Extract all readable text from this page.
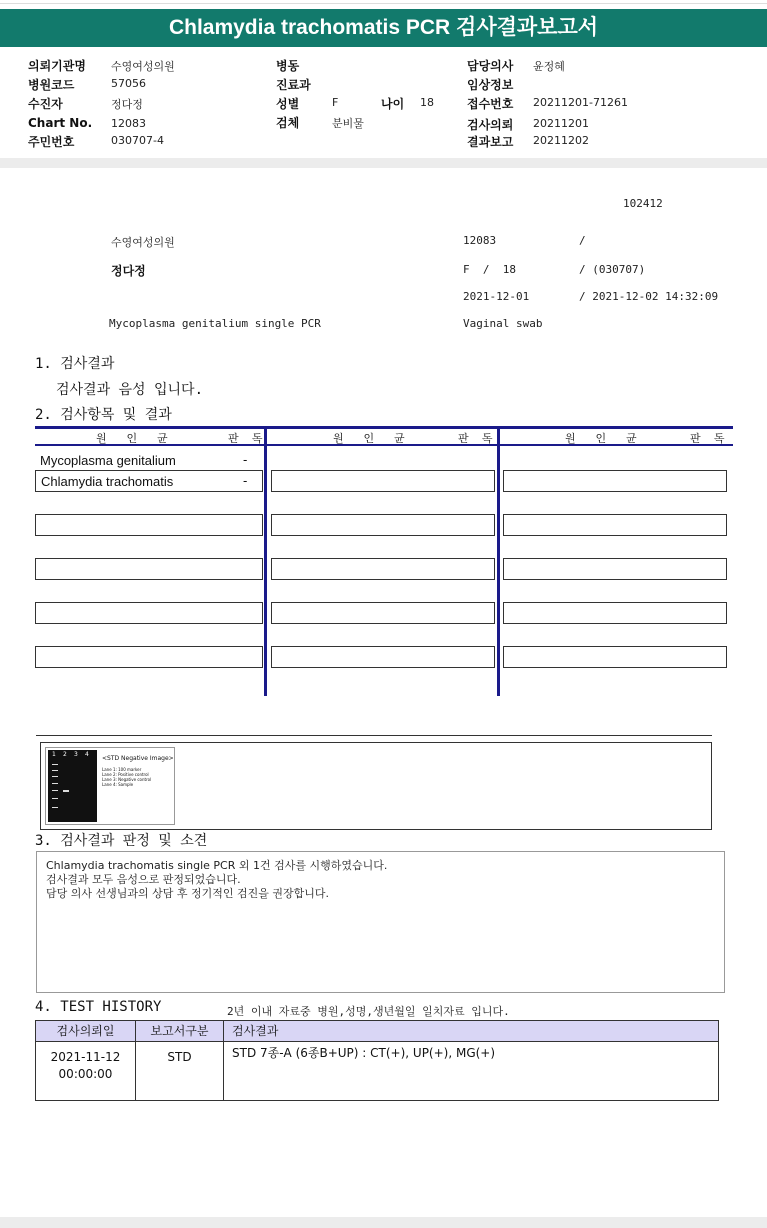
Chlamydia trachomatis PCR 검사결과보고서
의뢰기관명 수영여성의원
병원코드	57056
수진자	정다정
Chart No. 12083
주민번호	030707-4
병동
진료과
성별	F	나이 18
검체	분비물
담당의사 윤정혜
임상정보
접수번호 20211201-71261
검사의뢰 20211201
결과보고 20211202
102412
수영여성의원	12083	/
정다정	F  /  18	/ (030707)
2021-12-01	/ 2021-12-02 14:32:09
Mycoplasma genitalium single PCR	Vaginal swab
1. 검사결과
검사결과 음성 입니다.
2. 검사항목 및 결과
원   인   균	판  독	원   인   균	판  독	원   인   균	판  독
Mycoplasma genitalium	-
Chlamydia trachomatis	-
1 2 3 4
<STD Negative Image>
Lane 1: 100 marker
Lane 2: Positive control
Lane 3: Negative control
Lane 4: Sample
3. 검사결과 판정 및 소견
Chlamydia trachomatis single PCR 외 1건 검사를 시행하였습니다.
검사결과 모두 음성으로 판정되었습니다.
담당 의사 선생님과의 상담 후 정기적인 검진을 권장합니다.
4. TEST HISTORY	2년 이내 자료중 병원,성명,생년월일 일치자료 입니다.
검사의뢰일	보고서구분	검사결과
2021-11-12
00:00:00
STD	STD 7종-A (6종B+UP) : CT(+), UP(+), MG(+)
